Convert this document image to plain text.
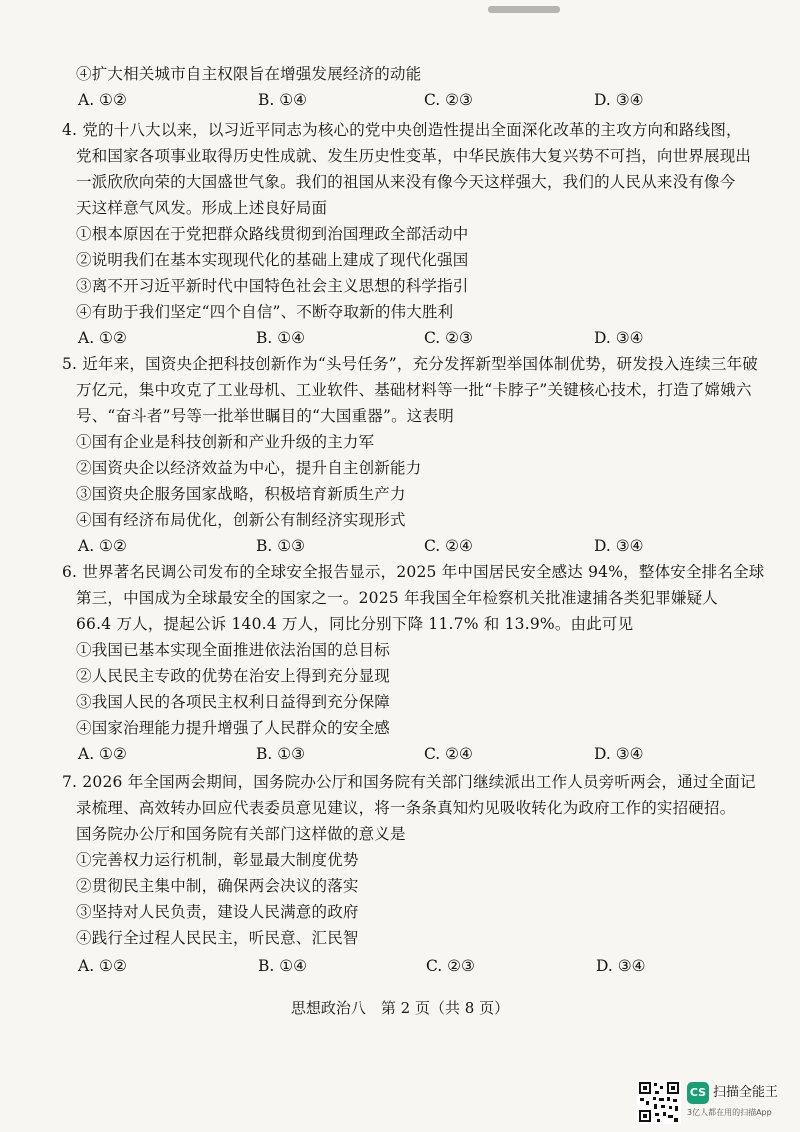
④扩大相关城市自主权限旨在增强发展经济的动能
A. ①②	B. ①④	C. ②③	D. ③④
4. 党的十八大以来，以习近平同志为核心的党中央创造性提出全面深化改革的主攻方向和路线图，
党和国家各项事业取得历史性成就、发生历史性变革，中华民族伟大复兴势不可挡，向世界展现出
一派欣欣向荣的大国盛世气象。我们的祖国从来没有像今天这样强大，我们的人民从来没有像今
天这样意气风发。形成上述良好局面
①根本原因在于党把群众路线贯彻到治国理政全部活动中
②说明我们在基本实现现代化的基础上建成了现代化强国
③离不开习近平新时代中国特色社会主义思想的科学指引
④有助于我们坚定“四个自信”、不断夺取新的伟大胜利
A. ①②	B. ①④	C. ②③	D. ③④
5. 近年来，国资央企把科技创新作为“头号任务”，充分发挥新型举国体制优势，研发投入连续三年破
万亿元，集中攻克了工业母机、工业软件、基础材料等一批“卡脖子”关键核心技术，打造了嫦娥六
号、“奋斗者”号等一批举世瞩目的“大国重器”。这表明
①国有企业是科技创新和产业升级的主力军
②国资央企以经济效益为中心，提升自主创新能力
③国资央企服务国家战略，积极培育新质生产力
④国有经济布局优化，创新公有制经济实现形式
A. ①②	B. ①③	C. ②④	D. ③④
6. 世界著名民调公司发布的全球安全报告显示，2025 年中国居民安全感达 94%，整体安全排名全球
第三，中国成为全球最安全的国家之一。2025 年我国全年检察机关批准逮捕各类犯罪嫌疑人
66.4 万人，提起公诉 140.4 万人，同比分别下降 11.7% 和 13.9%。由此可见
①我国已基本实现全面推进依法治国的总目标
②人民民主专政的优势在治安上得到充分显现
③我国人民的各项民主权利日益得到充分保障
④国家治理能力提升增强了人民群众的安全感
A. ①②	B. ①③	C. ②④	D. ③④
7. 2026 年全国两会期间，国务院办公厅和国务院有关部门继续派出工作人员旁听两会，通过全面记
录梳理、高效转办回应代表委员意见建议，将一条条真知灼见吸收转化为政府工作的实招硬招。
国务院办公厅和国务院有关部门这样做的意义是
①完善权力运行机制，彰显最大制度优势
②贯彻民主集中制，确保两会决议的落实
③坚持对人民负责，建设人民满意的政府
④践行全过程人民民主，听民意、汇民智
A. ①②	B. ①④	C. ②③	D. ③④
思想政治八　第 2 页（共 8 页）
CS 扫描全能王
3亿人都在用的扫描App
